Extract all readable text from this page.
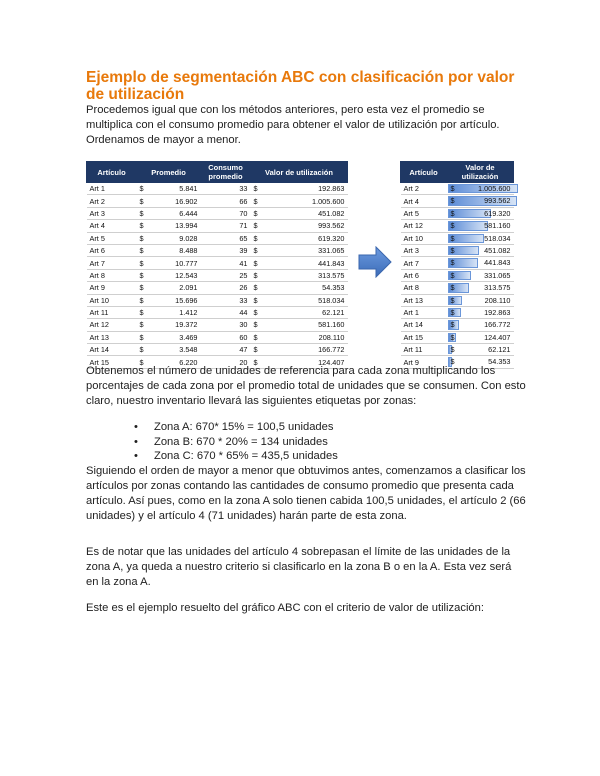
Ejemplo de segmentación ABC con clasificación por valor de utilización

Procedemos igual que con los métodos anteriores, pero esta vez el promedio se multiplica con el consumo promedio para obtener el valor de utilización por artículo. Ordenamos de mayor a menor.

Artículo	Promedio		Consumo promedio	Valor de utilización	
Art 1	$	5.841	33	$	192.863
Art 2	$	16.902	66	$	1.005.600
Art 3	$	6.444	70	$	451.082
Art 4	$	13.994	71	$	993.562
Art 5	$	9.028	65	$	619.320
Art 6	$	8.488	39	$	331.065
Art 7	$	10.777	41	$	441.843
Art 8	$	12.543	25	$	313.575
Art 9	$	2.091	26	$	54.353
Art 10	$	15.696	33	$	518.034
Art 11	$	1.412	44	$	62.121
Art 12	$	19.372	30	$	581.160
Art 13	$	3.469	60	$	208.110
Art 14	$	3.548	47	$	166.772
Art 15	$	6.220	20	$	124.407
Artículo	Valor de utilización
Art 2	$ 1.005.600

Art 4	$ 993.562

Art 5	$ 619.320

Art 12	$ 581.160

Art 10	$ 518.034

Art 3	$ 451.082

Art 7	$ 441.843

Art 6	$ 331.065

Art 8	$ 313.575

Art 13	$ 208.110

Art 1	$ 192.863

Art 14	$ 166.772

Art 15	$ 124.407

Art 11	$ 62.121

Art 9	$ 54.353

Obtenemos el número de unidades de referencia para cada zona multiplicando los porcentajes de cada zona por el promedio total de unidades que se consumen. Con esto claro, nuestro inventario llevará las siguientes etiquetas por zonas:

• Zona A: 670* 15% = 100,5 unidades
• Zona B: 670 * 20% = 134 unidades
• Zona C: 670 * 65% = 435,5 unidades

Siguiendo el orden de mayor a menor que obtuvimos antes, comenzamos a clasificar los artículos por zonas contando las cantidades de consumo promedio que presenta cada artículo. Así pues, como en la zona A solo tienen cabida 100,5 unidades, el artículo 2 (66 unidades) y el artículo 4 (71 unidades) harán parte de esta zona.

Es de notar que las unidades del artículo 4 sobrepasan el límite de las unidades de la zona A, ya queda a nuestro criterio si clasificarlo en la zona B o en la A. Esta vez será en la zona A.

Este es el ejemplo resuelto del gráfico ABC con el criterio de valor de utilización:
